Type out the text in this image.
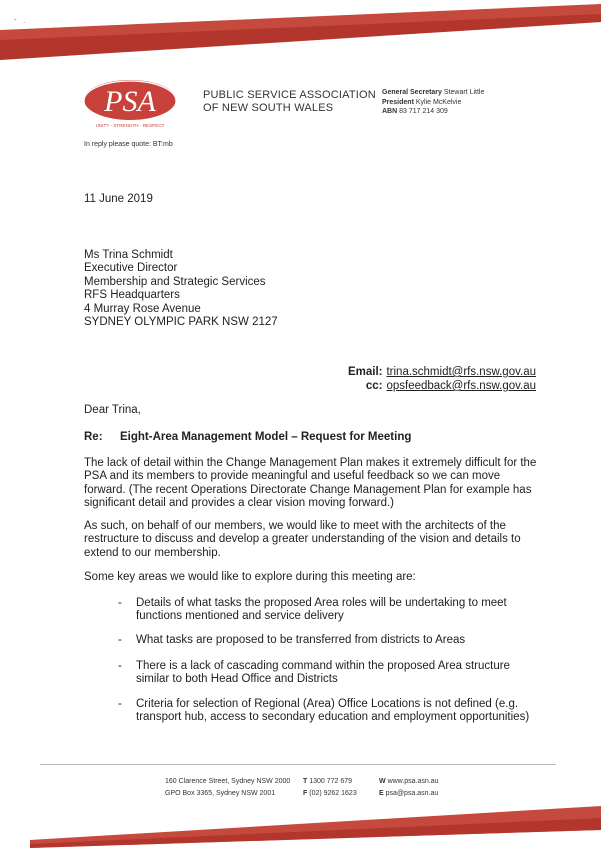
˘ ·
PSA
UNITY - STRENGTH - RESPECT
PUBLIC SERVICE ASSOCIATION
OF NEW SOUTH WALES
General Secretary Stewart Little
President Kylie McKelvie
ABN 83 717 214 309
In reply please quote: BT:mb
11 June 2019
Ms Trina Schmidt
Executive Director
Membership and Strategic Services
RFS Headquarters
4 Murray Rose Avenue
SYDNEY OLYMPIC PARK NSW 2127
Email: trina.schmidt@rfs.nsw.gov.au
cc: opsfeedback@rfs.nsw.gov.au
Dear Trina,
Re: Eight-Area Management Model – Request for Meeting
The lack of detail within the Change Management Plan makes it extremely difficult for the PSA and its members to provide meaningful and useful feedback so we can move forward. (The recent Operations Directorate Change Management Plan for example has significant detail and provides a clear vision moving forward.)
As such, on behalf of our members, we would like to meet with the architects of the restructure to discuss and develop a greater understanding of the vision and details to extend to our membership.
Some key areas we would like to explore during this meeting are:
- Details of what tasks the proposed Area roles will be undertaking to meet functions mentioned and service delivery
- What tasks are proposed to be transferred from districts to Areas
- There is a lack of cascading command within the proposed Area structure similar to both Head Office and Districts
- Criteria for selection of Regional (Area) Office Locations is not defined (e.g. transport hub, access to secondary education and employment opportunities)
160 Clarence Street, Sydney NSW 2000
GPO Box 3365, Sydney NSW 2001
T 1300 772 679
F (02) 9262 1623
W www.psa.asn.au
E psa@psa.asn.au
